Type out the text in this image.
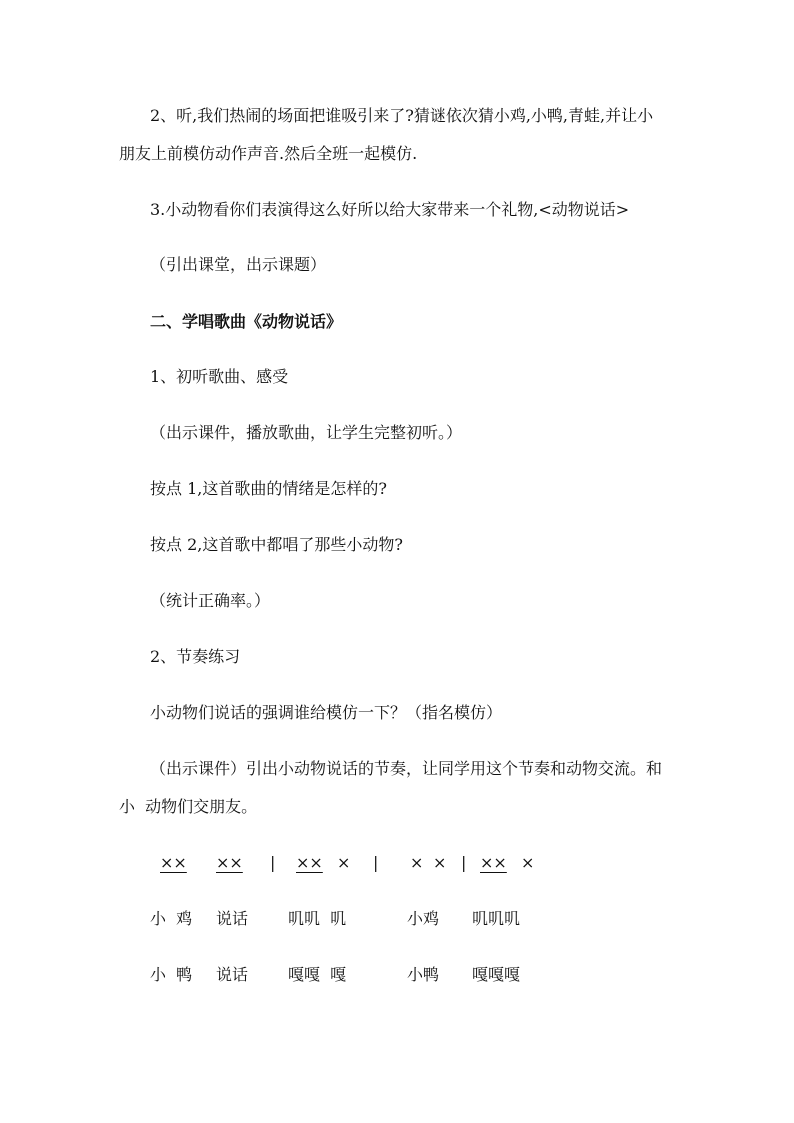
2、听,我们热闹的场面把谁吸引来了?猜谜依次猜小鸡,小鸭,青蛙,并让小
朋友上前模仿动作声音.然后全班一起模仿.
3.小动物看你们表演得这么好所以给大家带来一个礼物,<动物说话>
（引出课堂，出示课题）
二、学唱歌曲《动物说话》
1、初听歌曲、感受
（出示课件，播放歌曲，让学生完整初听。）
按点 1,这首歌曲的情绪是怎样的?
按点 2,这首歌中都唱了那些小动物?
（统计正确率。）
2、节奏练习
小动物们说话的强调谁给模仿一下？（指名模仿）
（出示课件）引出小动物说话的节奏，让同学用这个节奏和动物交流。和
小  动物们交朋友。
×× ×× | ×× × | × × | ×× ×
小  鸡 说话 叽叽  叽	小鸡 叽叽叽
小  鸭 说话 嘎嘎  嘎	小鸭 嘎嘎嘎
